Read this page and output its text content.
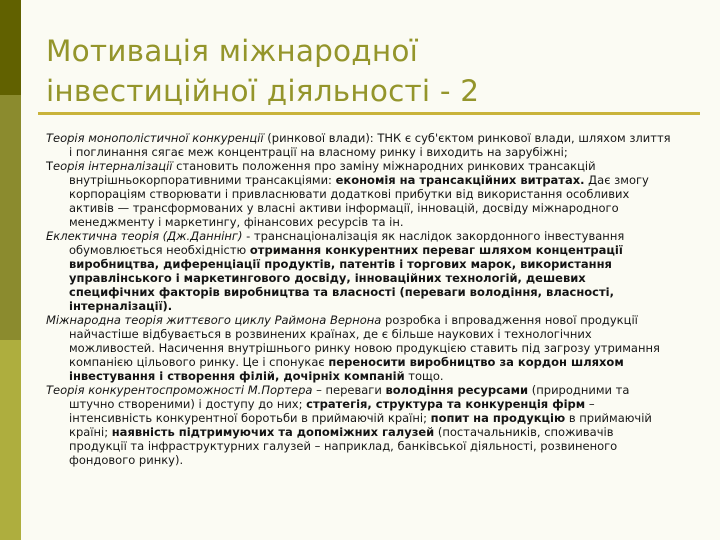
Мотивація міжнародної
інвестиційної діяльності - 2

Теорія монополістичної конкуренції (ринкової влади): ТНК є суб'єктом ринкової влади, шляхом злиття і поглинання сягає меж концентрації на власному ринку і виходить на зарубіжні;

Теорія інтерналізації становить положення про заміну міжнародних ринкових трансакцій внутрішньокорпоративними трансакціями: економія на трансакційних витратах. Дає змогу корпораціям створювати і привласнювати додаткові прибутки від використання особливих активів — трансформованих у власні активи інформації, інновацій, досвіду міжнародного менеджменту і маркетингу, фінансових ресурсів та ін.

Еклектична теорія (Дж.Даннінг) - транснаціоналізація як наслідок закордонного інвестування обумовлюється необхідністю отримання конкурентних переваг шляхом концентрації виробництва, диференціації продуктів, патентів і торгових марок, використання управлінського і маркетингового досвіду, інноваційних технологій, дешевих специфічних факторів виробництва та власності (переваги володіння, власності, інтерналізації).

Міжнародна теорія життєвого циклу Раймона Вернона розробка і впровадження нової продукції найчастіше відбувається в розвинених країнах, де є більше наукових і технологічних можливостей. Насичення внутрішнього ринку новою продукцією ставить під загрозу утримання компанією цільового ринку. Це і спонукає переносити виробництво за кордон шляхом інвестування і створення філій, дочірніх компаній тощо.

Теорія конкурентоспроможності М.Портера – переваги володіння ресурсами (природними та штучно створеними) і доступу до них; стратегія, структура та конкуренція фірм – інтенсивність конкурентної боротьби в приймаючій країні; попит на продукцію в приймаючій країні; наявність підтримуючих та допоміжних галузей (постачальників, споживачів продукції та інфраструктурних галузей – наприклад, банківської діяльності, розвиненого фондового ринку).
